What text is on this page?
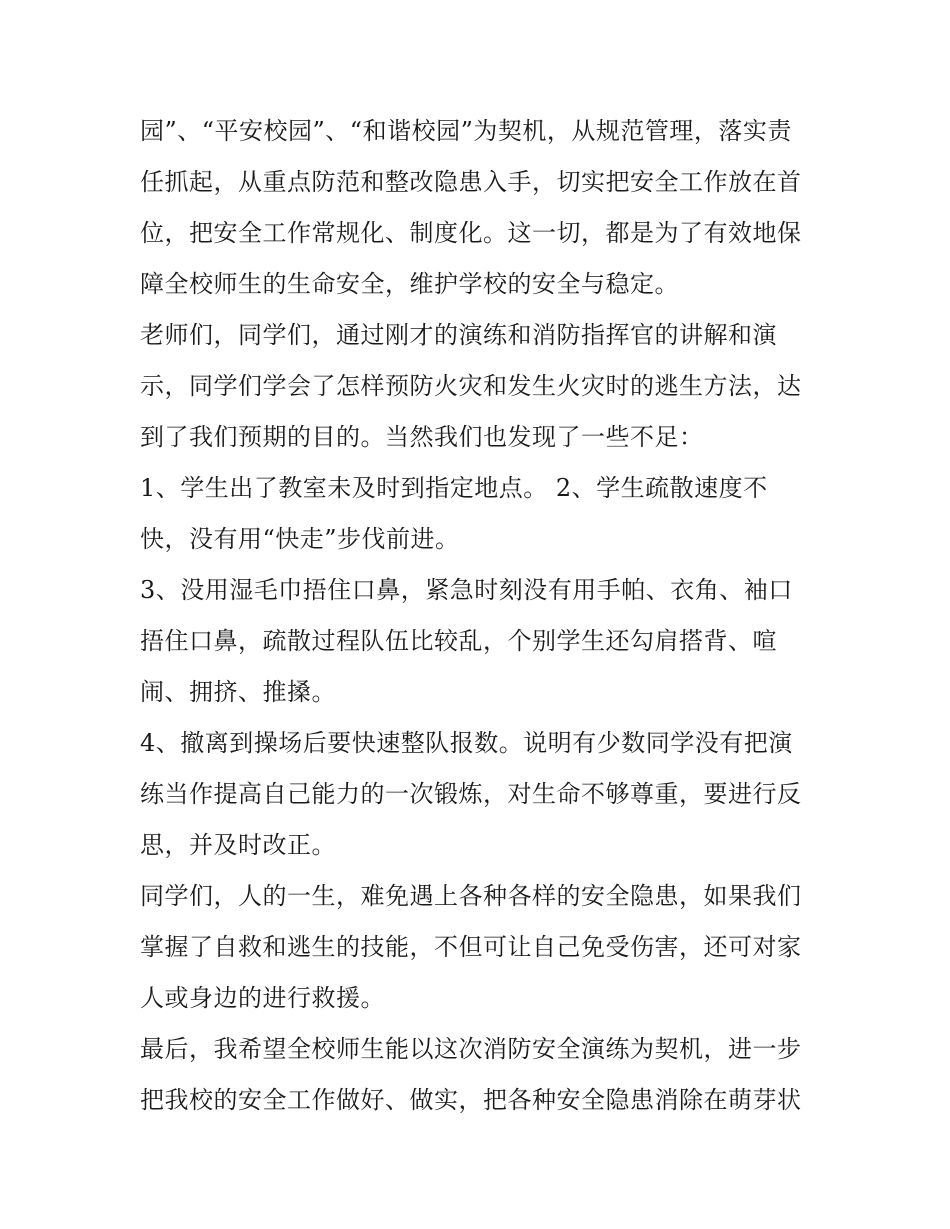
园”、“平安校园”、“和谐校园”为契机，从规范管理，落实责
任抓起，从重点防范和整改隐患入手，切实把安全工作放在首
位，把安全工作常规化、制度化。这一切，都是为了有效地保
障全校师生的生命安全，维护学校的安全与稳定。
老师们，同学们，通过刚才的演练和消防指挥官的讲解和演
示，同学们学会了怎样预防火灾和发生火灾时的逃生方法，达
到了我们预期的目的。当然我们也发现了一些不足：
1、学生出了教室未及时到指定地点。 2、学生疏散速度不
快，没有用“快走”步伐前进。
3、没用湿毛巾捂住口鼻，紧急时刻没有用手帕、衣角、袖口
捂住口鼻，疏散过程队伍比较乱，个别学生还勾肩搭背、喧
闹、拥挤、推搡。
4、撤离到操场后要快速整队报数。说明有少数同学没有把演
练当作提高自己能力的一次锻炼，对生命不够尊重，要进行反
思，并及时改正。
同学们，人的一生，难免遇上各种各样的安全隐患，如果我们
掌握了自救和逃生的技能，不但可让自己免受伤害，还可对家
人或身边的进行救援。
最后，我希望全校师生能以这次消防安全演练为契机，进一步
把我校的安全工作做好、做实，把各种安全隐患消除在萌芽状
